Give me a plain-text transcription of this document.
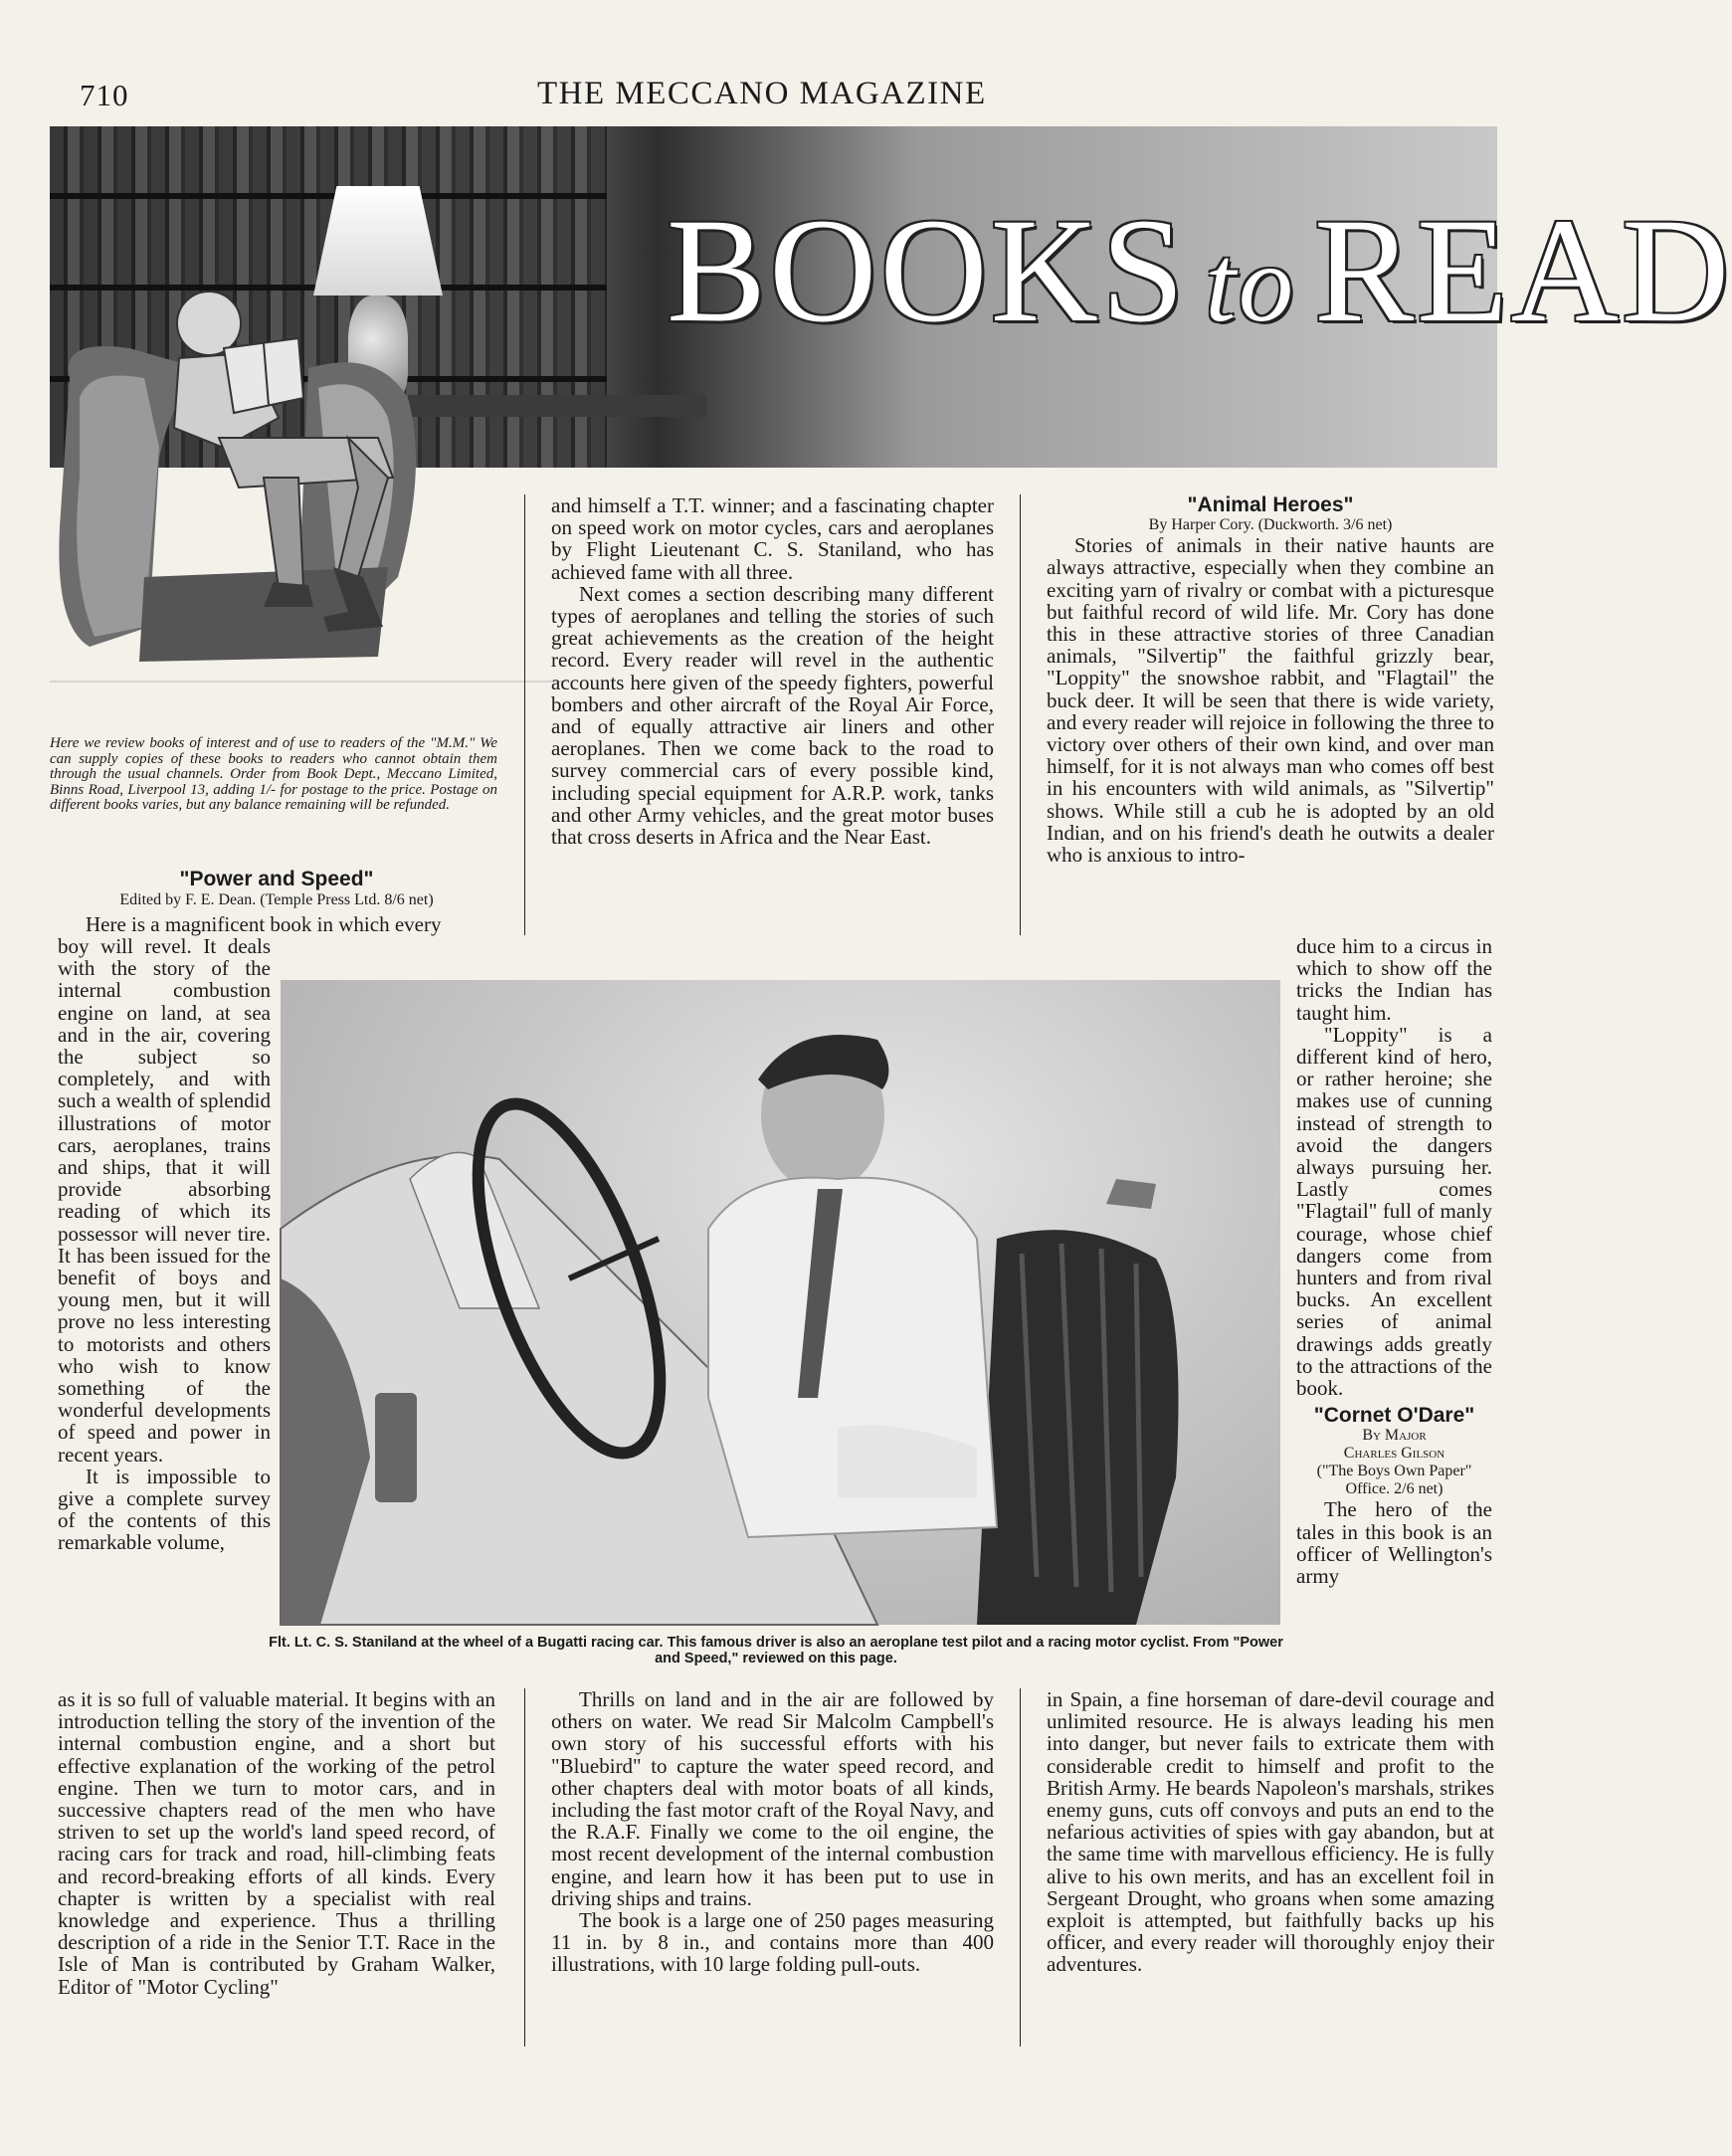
710	THE MECCANO MAGAZINE
BOOKS to READ
Here we review books of interest and of use to readers of the "M.M." We can supply copies of these books to readers who cannot obtain them through the usual channels. Order from Book Dept., Meccano Limited, Binns Road, Liverpool 13, adding 1/- for postage to the price. Postage on different books varies, but any balance remaining will be refunded.
"Power and Speed"
Edited by F. E. Dean. (Temple Press Ltd. 8/6 net)

Here is a magnificent book in which every

boy will revel. It deals with the story of the internal combustion engine on land, at sea and in the air, covering the subject so completely, and with such a wealth of splendid illustrations of motor cars, aeroplanes, trains and ships, that it will provide absorbing reading of which its possessor will never tire. It has been issued for the benefit of boys and young men, but it will prove no less interesting to motorists and others who wish to know something of the wonderful developments of speed and power in recent years.

It is impossible to give a complete survey of the contents of this remarkable volume,

as it is so full of valuable material. It begins with an introduction telling the story of the invention of the internal combustion engine, and a short but effective explanation of the working of the petrol engine. Then we turn to motor cars, and in successive chapters read of the men who have striven to set up the world's land speed record, of racing cars for track and road, hill-climbing feats and record-breaking efforts of all kinds. Every chapter is written by a specialist with real knowledge and experience. Thus a thrilling description of a ride in the Senior T.T. Race in the Isle of Man is contributed by Graham Walker, Editor of "Motor Cycling"

and himself a T.T. winner; and a fascinating chapter on speed work on motor cycles, cars and aeroplanes by Flight Lieutenant C. S. Staniland, who has achieved fame with all three.

Next comes a section describing many different types of aeroplanes and telling the stories of such great achievements as the creation of the height record. Every reader will revel in the authentic accounts here given of the speedy fighters, powerful bombers and other aircraft of the Royal Air Force, and of equally attractive air liners and other aeroplanes. Then we come back to the road to survey commercial cars of every possible kind, including special equipment for A.R.P. work, tanks and other Army vehicles, and the great motor buses that cross deserts in Africa and the Near East.

Thrills on land and in the air are followed by others on water. We read Sir Malcolm Campbell's own story of his successful efforts with his "Bluebird" to capture the water speed record, and other chapters deal with motor boats of all kinds, including the fast motor craft of the Royal Navy, and the R.A.F. Finally we come to the oil engine, the most recent development of the internal combustion engine, and learn how it has been put to use in driving ships and trains.

The book is a large one of 250 pages measuring 11 in. by 8 in., and contains more than 400 illustrations, with 10 large folding pull-outs.

"Animal Heroes"
By Harper Cory. (Duckworth. 3/6 net)

Stories of animals in their native haunts are always attractive, especially when they combine an exciting yarn of rivalry or combat with a picturesque but faithful record of wild life. Mr. Cory has done this in these attractive stories of three Canadian animals, "Silvertip" the faithful grizzly bear, "Loppity" the snowshoe rabbit, and "Flagtail" the buck deer. It will be seen that there is wide variety, and every reader will rejoice in following the three to victory over others of their own kind, and over man himself, for it is not always man who comes off best in his encounters with wild animals, as "Silvertip" shows. While still a cub he is adopted by an old Indian, and on his friend's death he outwits a dealer who is anxious to intro-

duce him to a circus in which to show off the tricks the Indian has taught him.

"Loppity" is a different kind of hero, or rather heroine; she makes use of cunning instead of strength to avoid the dangers always pursuing her. Lastly comes "Flagtail" full of manly courage, whose chief dangers come from hunters and from rival bucks. An excellent series of animal drawings adds greatly to the attractions of the book.

"Cornet O'Dare"
By Major
Charles Gilson
("The Boys Own Paper" Office. 2/6 net)

The hero of the tales in this book is an officer of Wellington's army

in Spain, a fine horseman of dare-devil courage and unlimited resource. He is always leading his men into danger, but never fails to extricate them with considerable credit to himself and profit to the British Army. He beards Napoleon's marshals, strikes enemy guns, cuts off convoys and puts an end to the nefarious activities of spies with gay abandon, but at the same time with marvellous efficiency. He is fully alive to his own merits, and has an excellent foil in Sergeant Drought, who groans when some amazing exploit is attempted, but faithfully backs up his officer, and every reader will thoroughly enjoy their adventures.

Flt. Lt. C. S. Staniland at the wheel of a Bugatti racing car. This famous driver is also an aeroplane test pilot and a racing motor cyclist. From "Power and Speed," reviewed on this page.
